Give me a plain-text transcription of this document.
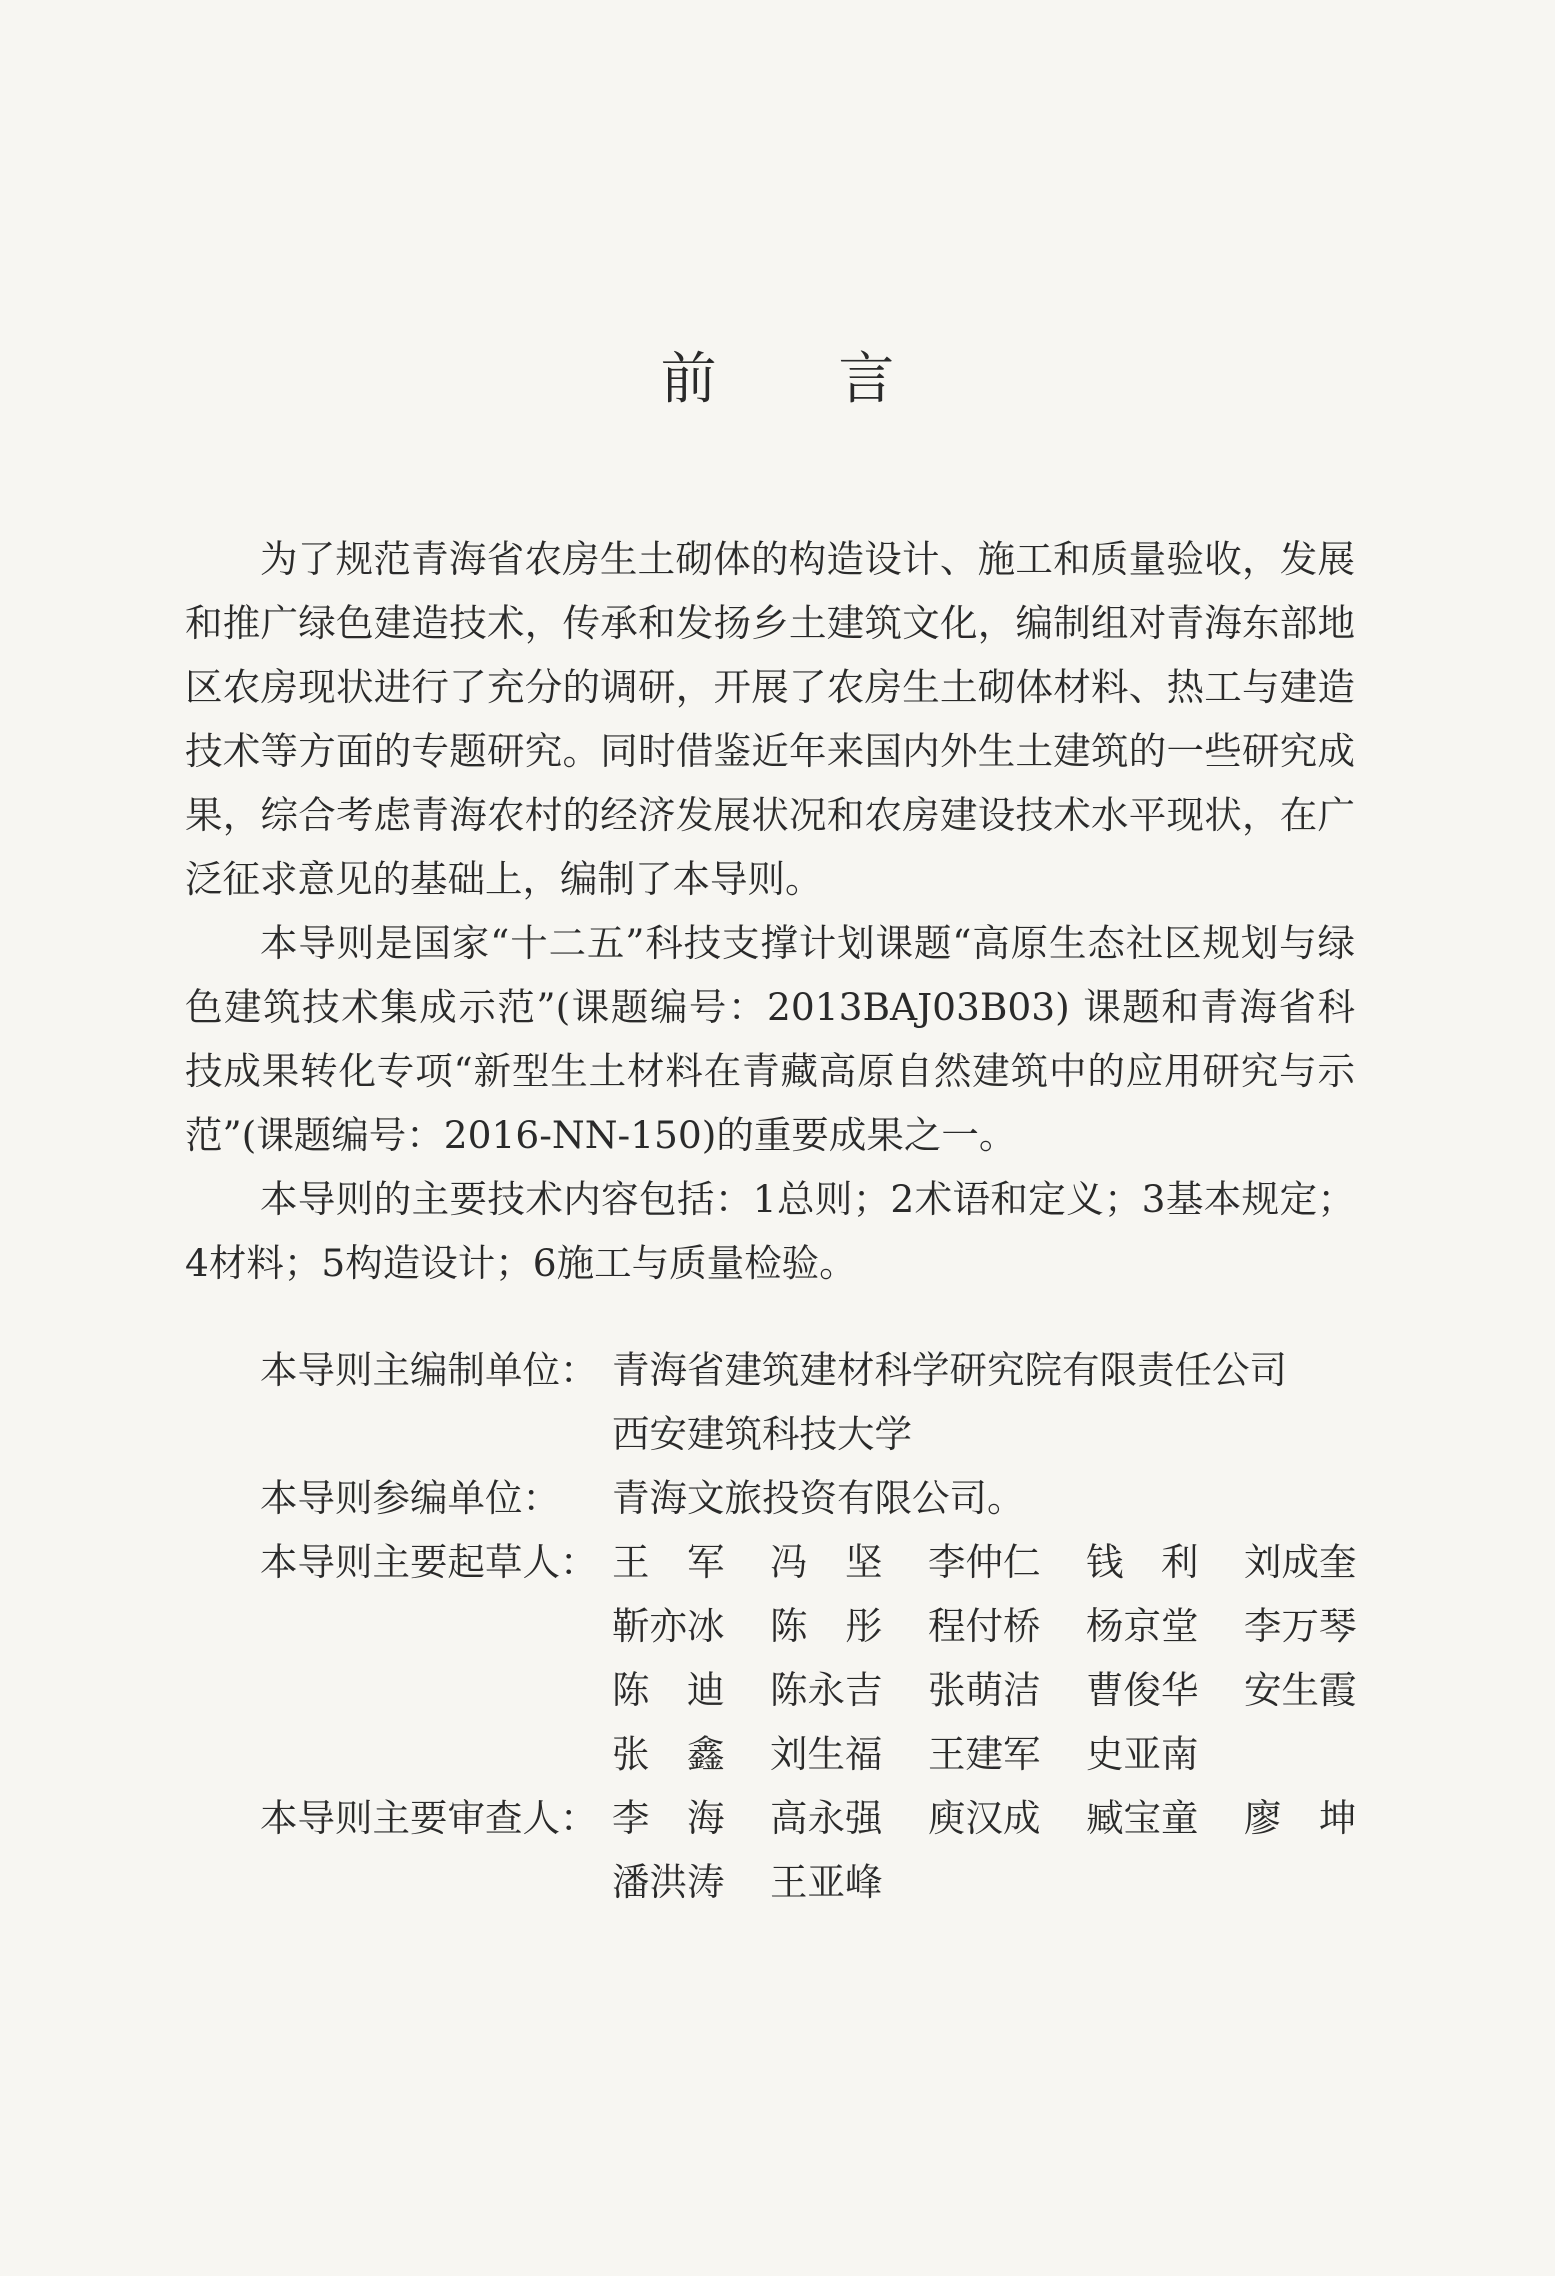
前 言

为了规范青海省农房生土砌体的构造设计、施工和质量验收，发展和推广绿色建造技术，传承和发扬乡土建筑文化，编制组对青海东部地区农房现状进行了充分的调研，开展了农房生土砌体材料、热工与建造技术等方面的专题研究。同时借鉴近年来国内外生土建筑的一些研究成果，综合考虑青海农村的经济发展状况和农房建设技术水平现状，在广泛征求意见的基础上，编制了本导则。

本导则是国家“十二五”科技支撑计划课题“高原生态社区规划与绿色建筑技术集成示范”(课题编号：2013BAJ03B03) 课题和青海省科技成果转化专项“新型生土材料在青藏高原自然建筑中的应用研究与示范”(课题编号：2016-NN-150)的重要成果之一。

本导则的主要技术内容包括：1总则；2术语和定义；3基本规定；4材料；5构造设计；6施工与质量检验。

本导则主编制单位： 青海省建筑建材科学研究院有限责任公司
西安建筑科技大学
本导则参编单位：	青海文旅投资有限公司。
本导则主要起草人： 王　军	冯　坚	李仲仁	钱　利	刘成奎
靳亦冰	陈　彤	程付桥	杨京堂	李万琴
陈　迪	陈永吉	张萌洁	曹俊华	安生霞
张　鑫	刘生福	王建军	史亚南
本导则主要审查人： 李　海	高永强	庾汉成	臧宝童	廖　坤
潘洪涛	王亚峰
